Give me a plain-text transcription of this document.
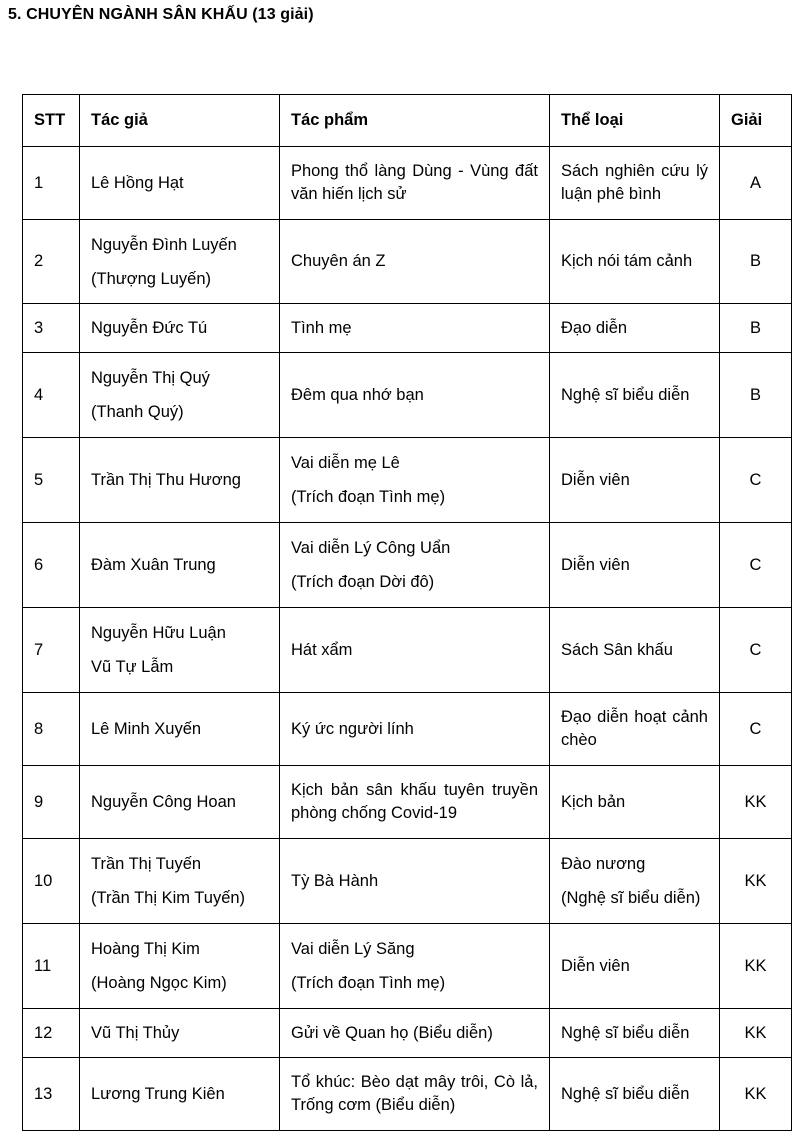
5. CHUYÊN NGÀNH SÂN KHẤU (13 giải)
STT	Tác giả	Tác phẩm	Thể loại	Giải
1	Lê Hồng Hạt	Phong thổ làng Dùng - Vùng đất văn hiến lịch sử	Sách nghiên cứu lý luận phê bình	A
2	Nguyễn Đình Luyến
(Thượng Luyến)	Chuyên án Z	Kịch nói tám cảnh	B
3	Nguyễn Đức Tú	Tình mẹ	Đạo diễn	B
4	Nguyễn Thị Quý
(Thanh Quý)	Đêm qua nhớ bạn	Nghệ sĩ biểu diễn	B
5	Trần Thị Thu Hương	Vai diễn mẹ Lê
(Trích đoạn Tình mẹ)	Diễn viên	C
6	Đàm Xuân Trung	Vai diễn Lý Công Uẩn
(Trích đoạn Dời đô)	Diễn viên	C
7	Nguyễn Hữu Luận
Vũ Tự Lẫm	Hát xẩm	Sách Sân khấu	C
8	Lê Minh Xuyến	Ký ức người lính	Đạo diễn hoạt cảnh chèo	C
9	Nguyễn Công Hoan	Kịch bản sân khấu tuyên truyền phòng chống Covid-19	Kịch bản	KK
10	Trần Thị Tuyến
(Trần Thị Kim Tuyến)	Tỳ Bà Hành	Đào nương
(Nghệ sĩ biểu diễn)	KK
11	Hoàng Thị Kim
(Hoàng Ngọc Kim)	Vai diễn Lý Săng
(Trích đoạn Tình mẹ)	Diễn viên	KK
12	Vũ Thị Thủy	Gửi về Quan họ (Biểu diễn)	Nghệ sĩ biểu diễn	KK
13	Lương Trung Kiên	Tổ khúc: Bèo dạt mây trôi, Cò lả, Trống cơm (Biểu diễn)	Nghệ sĩ biểu diễn	KK
